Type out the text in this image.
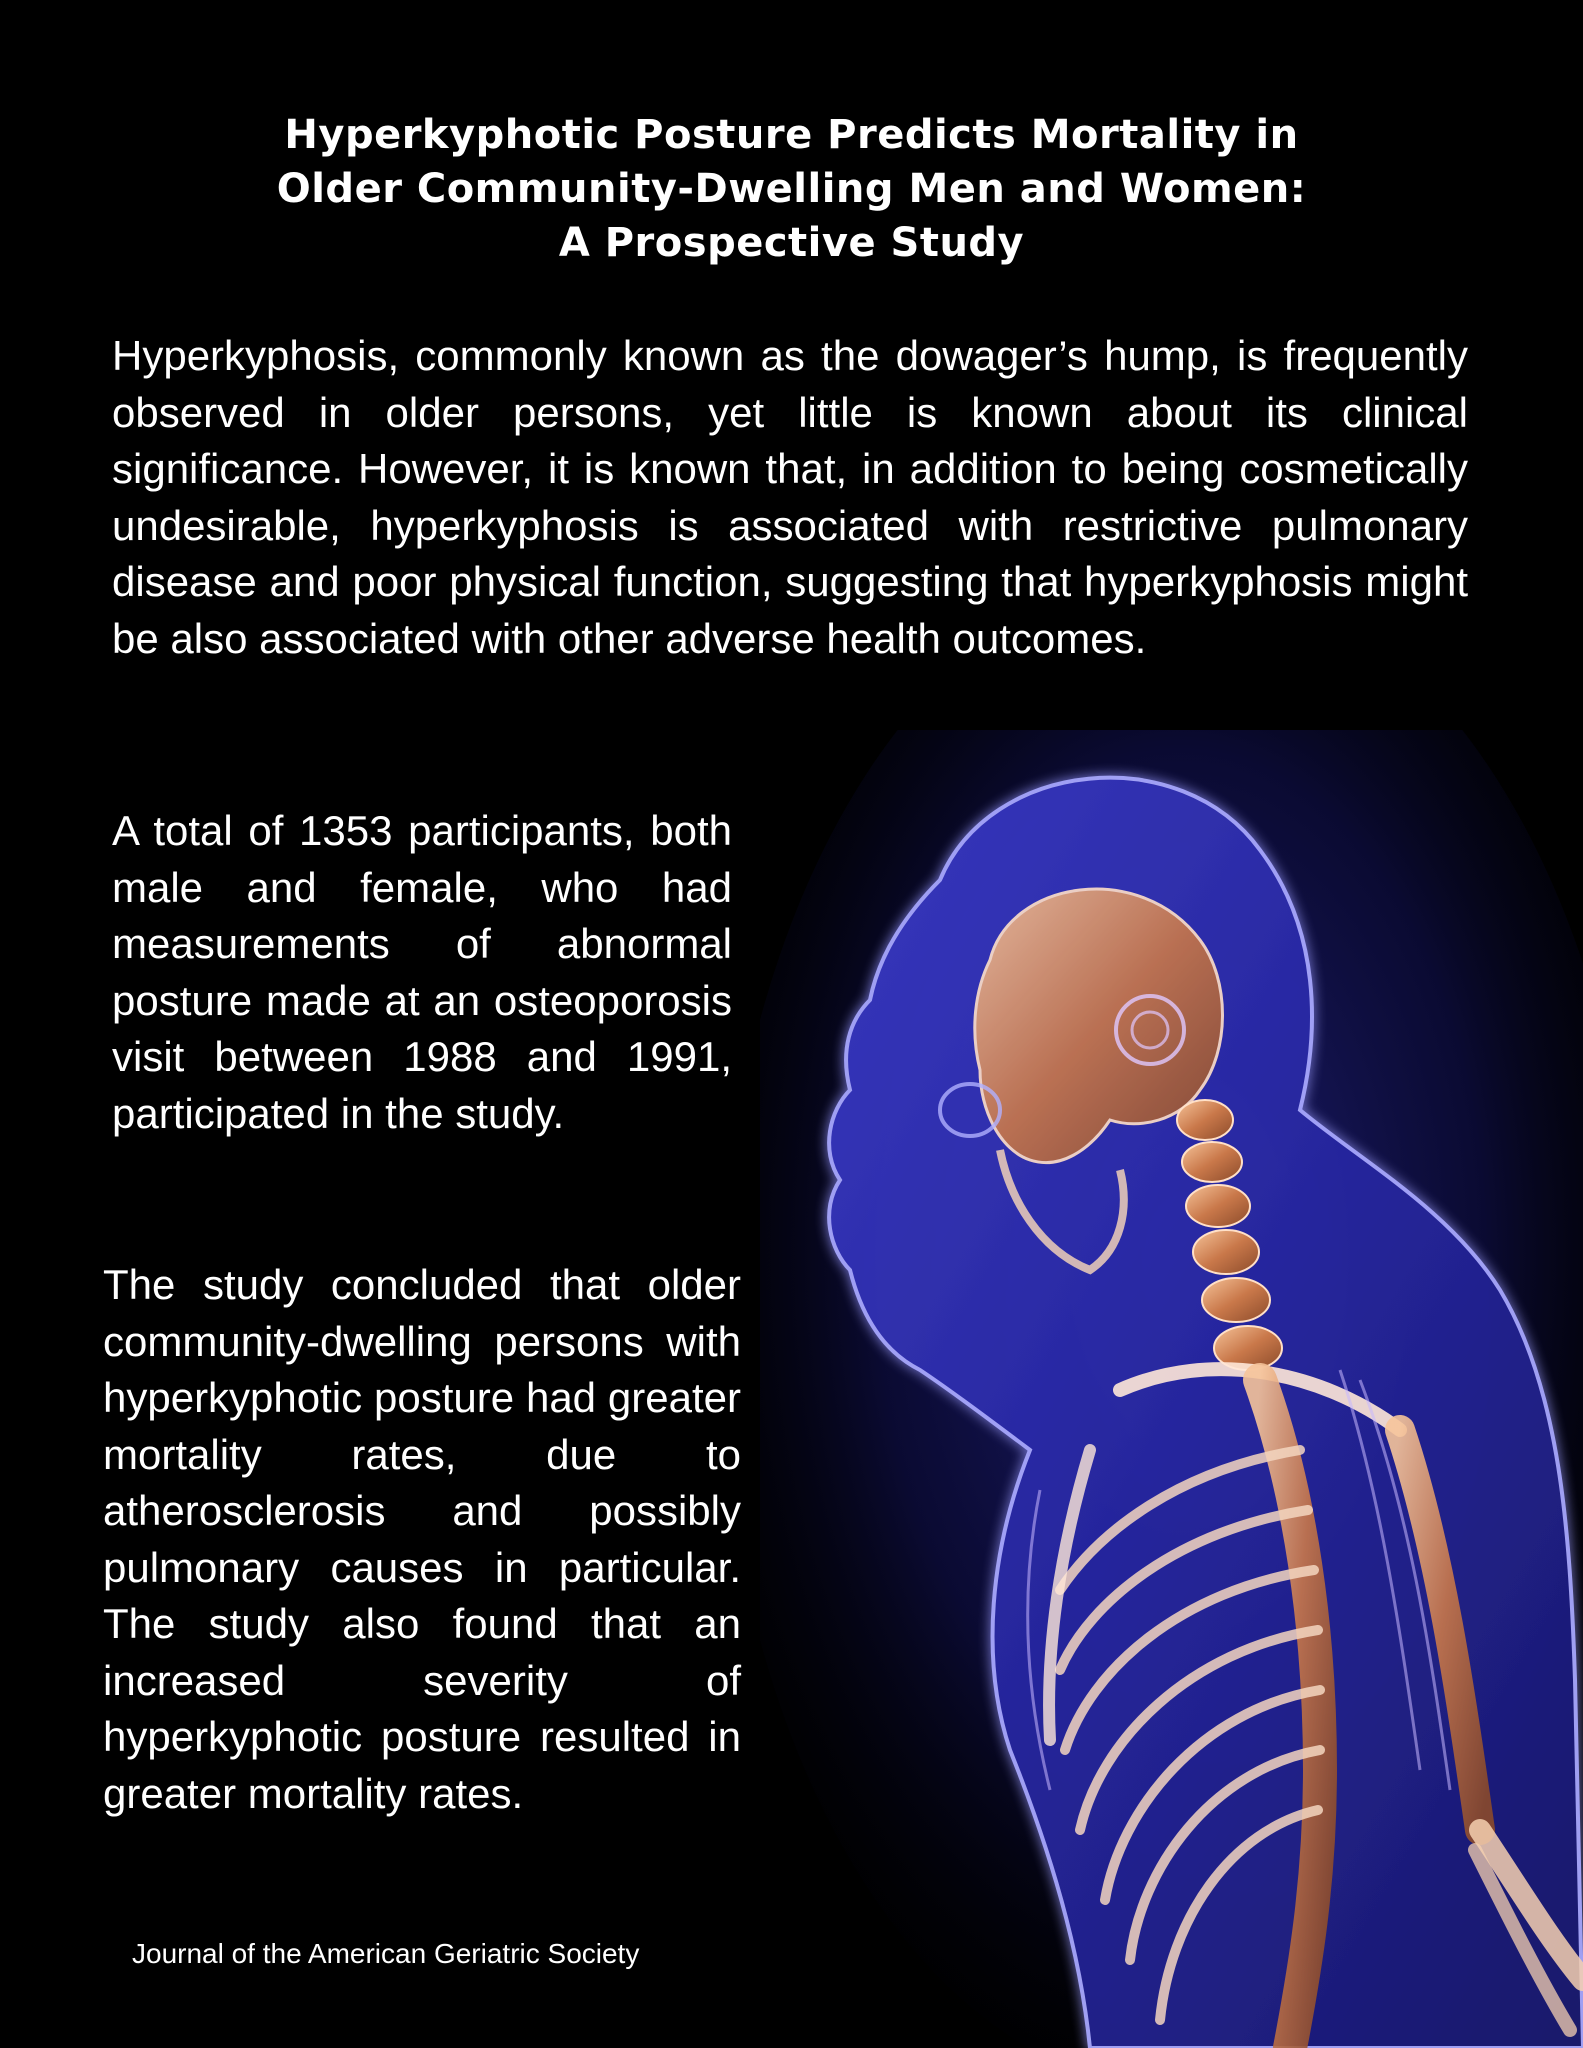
Hyperkyphotic Posture Predicts Mortality in
Older Community-Dwelling Men and Women:
A Prospective Study

Hyperkyphosis, commonly known as the dowager’s hump, is frequently observed in older persons, yet little is known about its clinical significance. However, it is known that, in addition to being cosmetically undesirable, hyperkyphosis is associated with restrictive pulmonary disease and poor physical function, suggesting that hyperkyphosis might be also associated with other adverse health outcomes.

A total of 1353 participants, both male and female, who had measurements of abnormal posture made at an osteoporosis visit between 1988 and 1991, participated in the study.

The study concluded that older community-dwelling persons with hyperkyphotic posture had greater mortality rates, due to atherosclerosis and possibly pulmonary causes in particular. The study also found that an increased severity of hyperkyphotic posture resulted in greater mortality rates.

Journal of the American Geriatric Society
